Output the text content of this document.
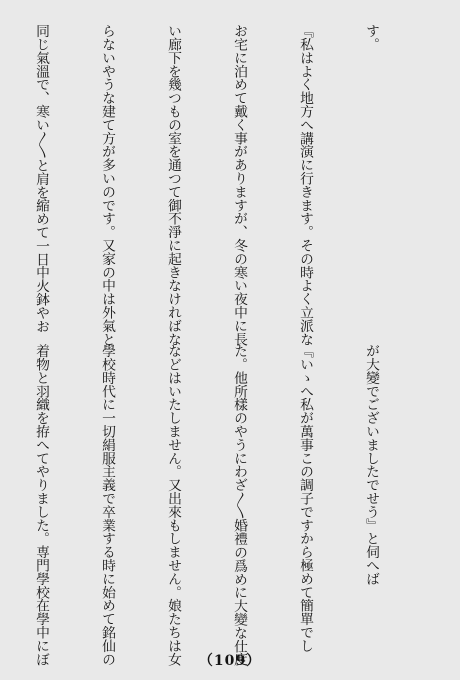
す。

『私はよく地方へ講演に行きます。その時よく立派な

お宅に泊めて戴く事がありますが、冬の寒い夜中に長

い廊下を幾つもの室を通つて御不淨に起きなければな

らないやうな建て方が多いのです。又家の中は外氣と

同じ氣溫で、寒い〳〵と肩を縮めて一日中火鉢やお

が大變でございましたでせう』と伺へば

『いゝへ私が萬事この調子ですから極めて簡單でし

た。他所樣のやうにわざ〳〵婚禮の爲めに大變な仕度

などはいたしません。又出來もしません。娘たちは女

學校時代に一切絹服主義で卒業する時に始めて銘仙の

着物と羽織を拵へてやりました。専門學校在學中にぼ

	（109）
